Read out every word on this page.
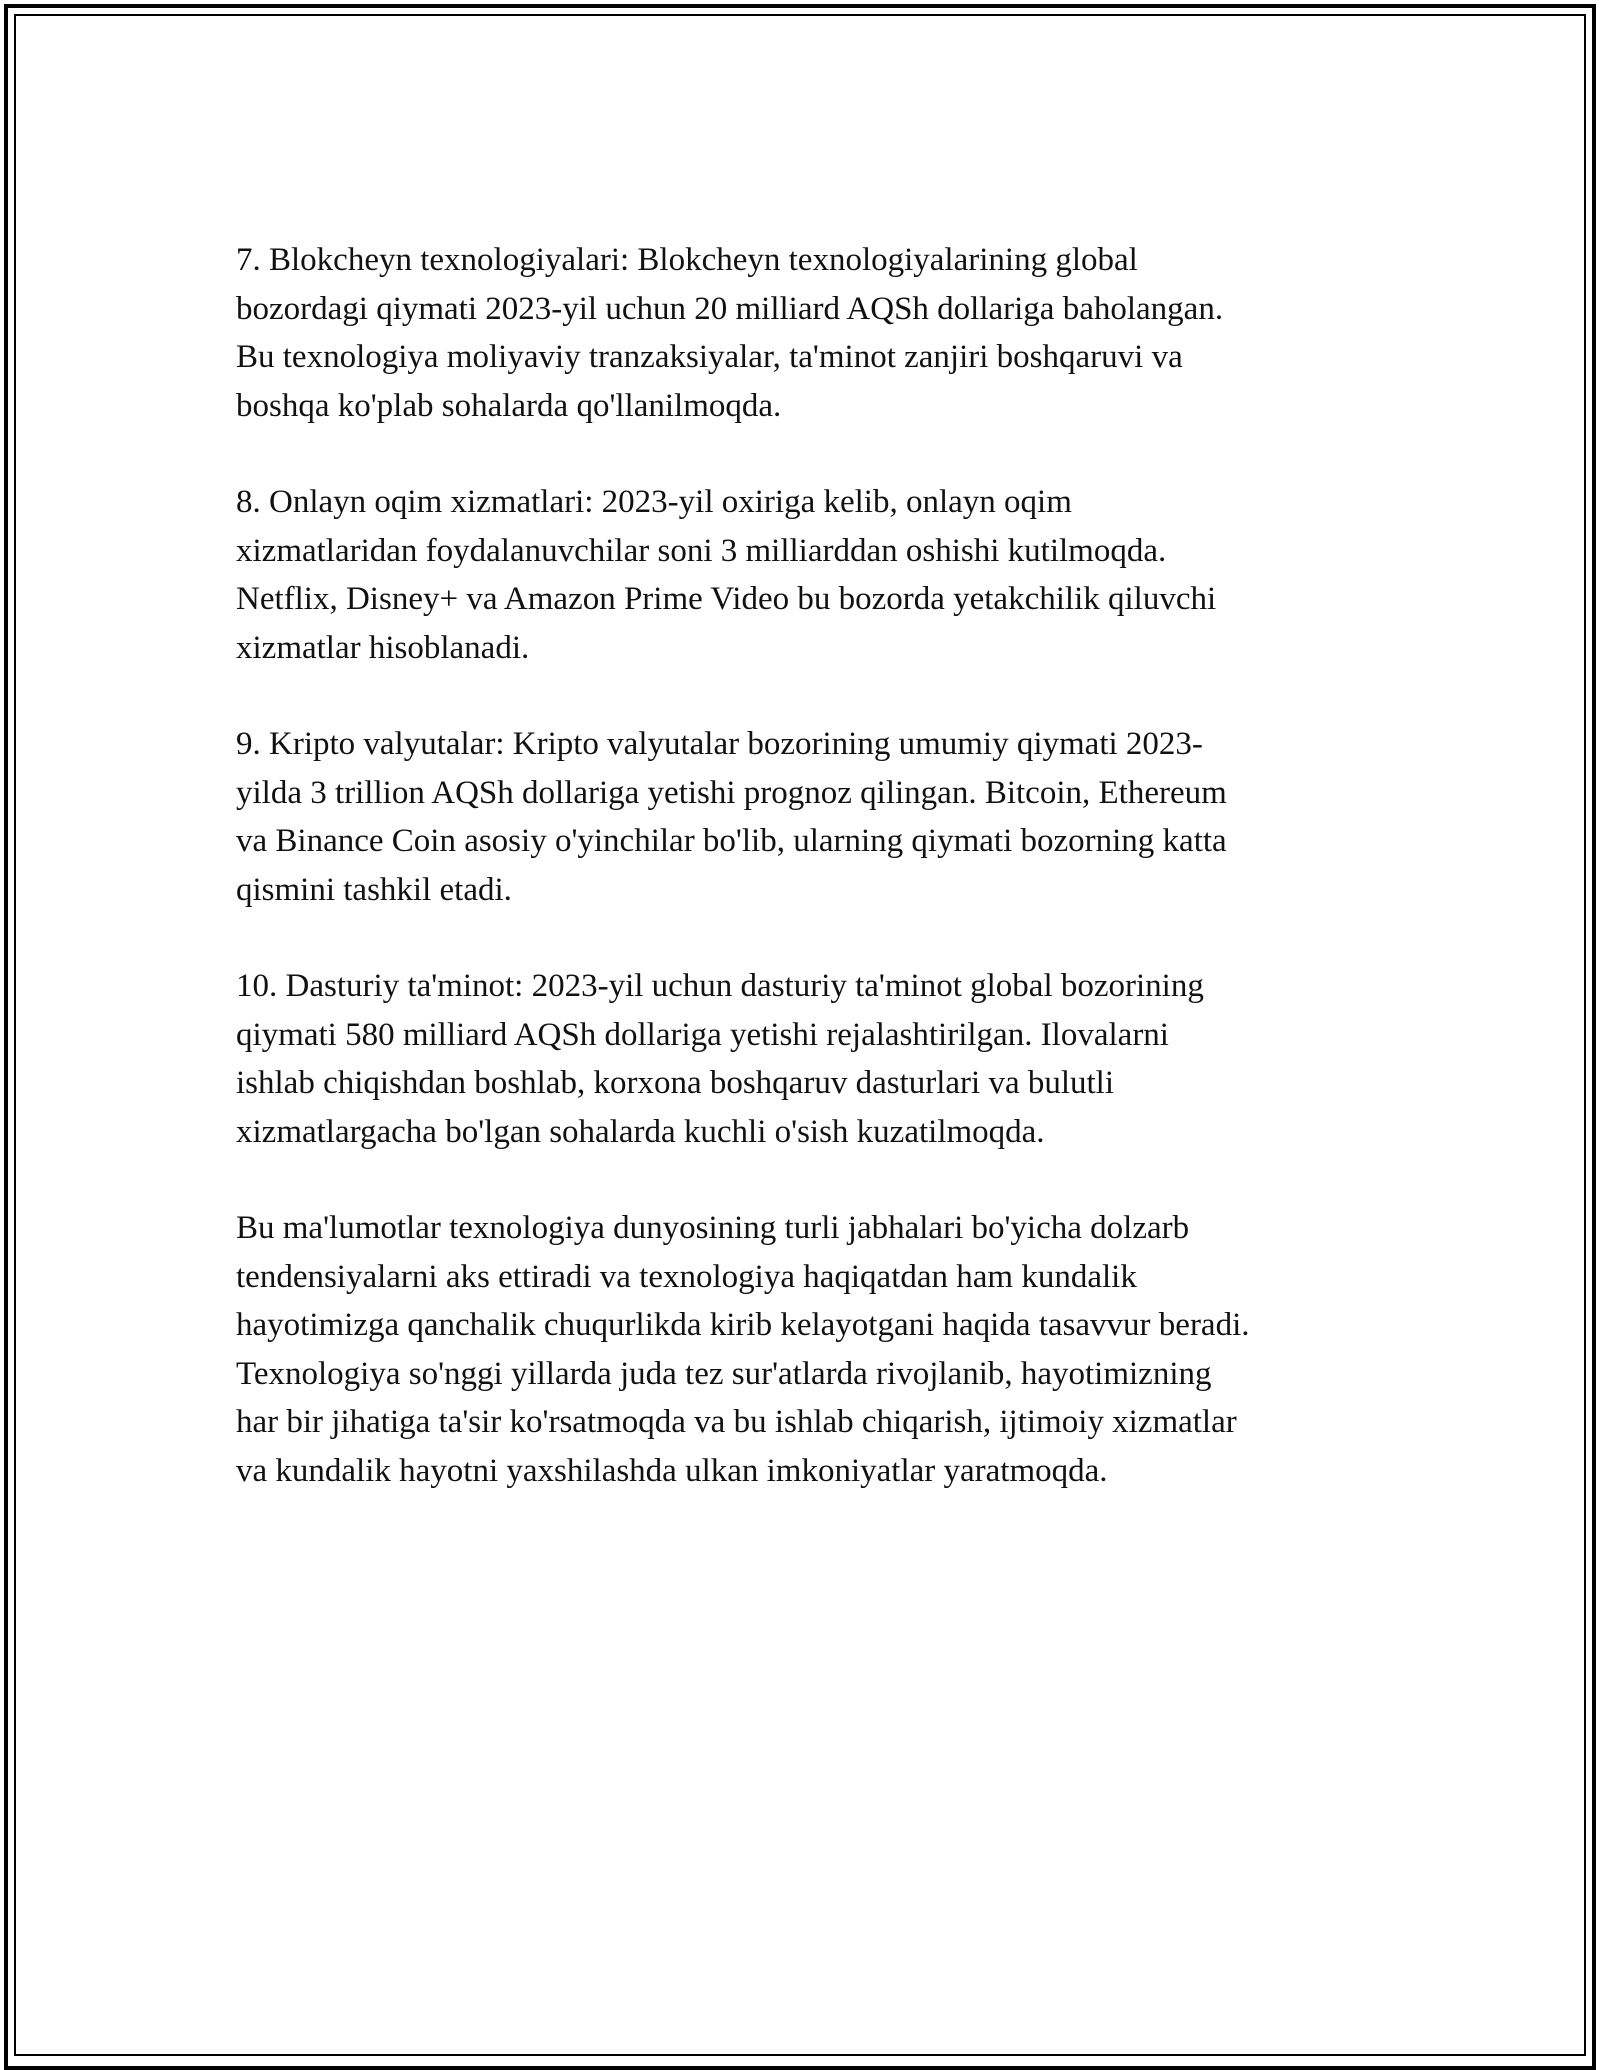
7. Blokcheyn texnologiyalari: Blokcheyn texnologiyalarining global
bozordagi qiymati 2023-yil uchun 20 milliard AQSh dollariga baholangan.
Bu texnologiya moliyaviy tranzaksiyalar, ta'minot zanjiri boshqaruvi va
boshqa ko'plab sohalarda qo'llanilmoqda.

8. Onlayn oqim xizmatlari: 2023-yil oxiriga kelib, onlayn oqim
xizmatlaridan foydalanuvchilar soni 3 milliarddan oshishi kutilmoqda.
Netflix, Disney+ va Amazon Prime Video bu bozorda yetakchilik qiluvchi
xizmatlar hisoblanadi.

9. Kripto valyutalar: Kripto valyutalar bozorining umumiy qiymati 2023-
yilda 3 trillion AQSh dollariga yetishi prognoz qilingan. Bitcoin, Ethereum
va Binance Coin asosiy o'yinchilar bo'lib, ularning qiymati bozorning katta
qismini tashkil etadi.

10. Dasturiy ta'minot: 2023-yil uchun dasturiy ta'minot global bozorining
qiymati 580 milliard AQSh dollariga yetishi rejalashtirilgan. Ilovalarni
ishlab chiqishdan boshlab, korxona boshqaruv dasturlari va bulutli
xizmatlargacha bo'lgan sohalarda kuchli o'sish kuzatilmoqda.

Bu ma'lumotlar texnologiya dunyosining turli jabhalari bo'yicha dolzarb
tendensiyalarni aks ettiradi va texnologiya haqiqatdan ham kundalik
hayotimizga qanchalik chuqurlikda kirib kelayotgani haqida tasavvur beradi.
Texnologiya so'nggi yillarda juda tez sur'atlarda rivojlanib, hayotimizning
har bir jihatiga ta'sir ko'rsatmoqda va bu ishlab chiqarish, ijtimoiy xizmatlar
va kundalik hayotni yaxshilashda ulkan imkoniyatlar yaratmoqda.
